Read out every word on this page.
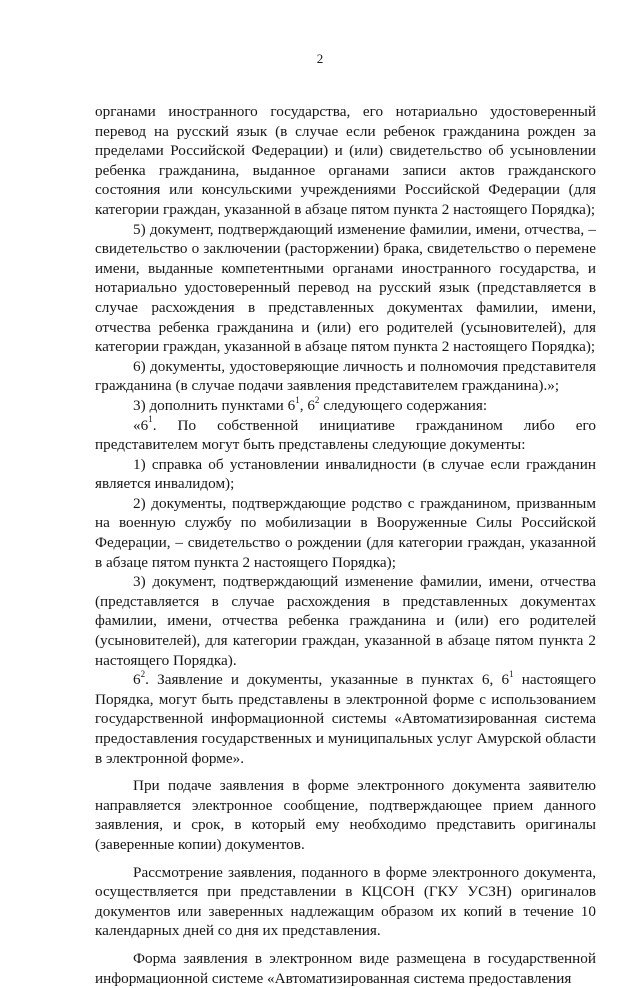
2

органами иностранного государства, его нотариально удостоверенный перевод на русский язык (в случае если ребенок гражданина рожден за пределами Российской Федерации) и (или) свидетельство об усыновлении ребенка гражданина, выданное органами записи актов гражданского состояния или консульскими учреждениями Российской Федерации (для категории граждан, указанной в абзаце пятом пункта 2 настоящего Порядка);

5) документ, подтверждающий изменение фамилии, имени, отчества, – свидетельство о заключении (расторжении) брака, свидетельство о перемене имени, выданные компетентными органами иностранного государства, и нотариально удостоверенный перевод на русский язык (представляется в случае расхождения в представленных документах фамилии, имени, отчества ребенка гражданина и (или) его родителей (усыновителей), для категории граждан, указанной в абзаце пятом пункта 2 настоящего Порядка);

6) документы, удостоверяющие личность и полномочия представителя гражданина (в случае подачи заявления представителем гражданина).»;

3) дополнить пунктами $6^1$, $6^2$ следующего содержания:

«$6^1$. По собственной инициативе гражданином либо его представителем могут быть представлены следующие документы:

1) справка об установлении инвалидности (в случае если гражданин является инвалидом);

2) документы, подтверждающие родство с гражданином, призванным на военную службу по мобилизации в Вооруженные Силы Российской Федерации, – свидетельство о рождении (для категории граждан, указанной в абзаце пятом пункта 2 настоящего Порядка);

3) документ, подтверждающий изменение фамилии, имени, отчества (представляется в случае расхождения в представленных документах фамилии, имени, отчества ребенка гражданина и (или) его родителей (усыновителей), для категории граждан, указанной в абзаце пятом пункта 2 настоящего Порядка).

$6^2$. Заявление и документы, указанные в пунктах 6, $6^1$ настоящего Порядка, могут быть представлены в электронной форме с использованием государственной информационной системы «Автоматизированная система предоставления государственных и муниципальных услуг Амурской области в электронной форме».

При подаче заявления в форме электронного документа заявителю направляется электронное сообщение, подтверждающее прием данного заявления, и срок, в который ему необходимо представить оригиналы (заверенные копии) документов.

Рассмотрение заявления, поданного в форме электронного документа, осуществляется при представлении в КЦСОН (ГКУ УСЗН) оригиналов документов или заверенных надлежащим образом их копий в течение 10 календарных дней со дня их представления.

Форма заявления в электронном виде размещена в государственной информационной системе «Автоматизированная система предоставления
